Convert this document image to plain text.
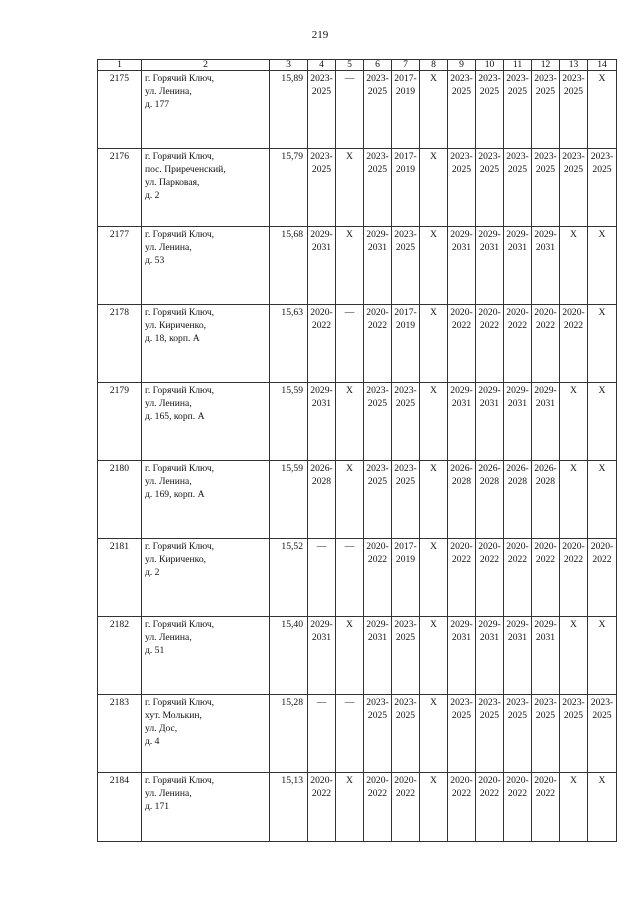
219
1	2	3	4	5	6	7	8	9	10	11	12	13	14
2175	г. Горячий Ключ,
ул. Ленина,
д. 177	15,89	2023-2025	—	2023-2025	2017-2019	Х	2023-2025	2023-2025	2023-2025	2023-2025	2023-2025	Х
2176	г. Горячий Ключ,
пос. Приреченский,
ул. Парковая,
д. 2	15,79	2023-2025	Х	2023-2025	2017-2019	Х	2023-2025	2023-2025	2023-2025	2023-2025	2023-2025	2023-2025
2177	г. Горячий Ключ,
ул. Ленина,
д. 53	15,68	2029-2031	Х	2029-2031	2023-2025	Х	2029-2031	2029-2031	2029-2031	2029-2031	Х	Х
2178	г. Горячий Ключ,
ул. Кириченко,
д. 18, корп. А	15,63	2020-2022	—	2020-2022	2017-2019	Х	2020-2022	2020-2022	2020-2022	2020-2022	2020-2022	Х
2179	г. Горячий Ключ,
ул. Ленина,
д. 165, корп. А	15,59	2029-2031	Х	2023-2025	2023-2025	Х	2029-2031	2029-2031	2029-2031	2029-2031	Х	Х
2180	г. Горячий Ключ,
ул. Ленина,
д. 169, корп. А	15,59	2026-2028	Х	2023-2025	2023-2025	Х	2026-2028	2026-2028	2026-2028	2026-2028	Х	Х
2181	г. Горячий Ключ,
ул. Кириченко,
д. 2	15,52	—	—	2020-2022	2017-2019	Х	2020-2022	2020-2022	2020-2022	2020-2022	2020-2022	2020-2022
2182	г. Горячий Ключ,
ул. Ленина,
д. 51	15,40	2029-2031	Х	2029-2031	2023-2025	Х	2029-2031	2029-2031	2029-2031	2029-2031	Х	Х
2183	г. Горячий Ключ,
хут. Молькин,
ул. Дос,
д. 4	15,28	—	—	2023-2025	2023-2025	Х	2023-2025	2023-2025	2023-2025	2023-2025	2023-2025	2023-2025
2184	г. Горячий Ключ,
ул. Ленина,
д. 171	15,13	2020-2022	Х	2020-2022	2020-2022	Х	2020-2022	2020-2022	2020-2022	2020-2022	Х	Х
